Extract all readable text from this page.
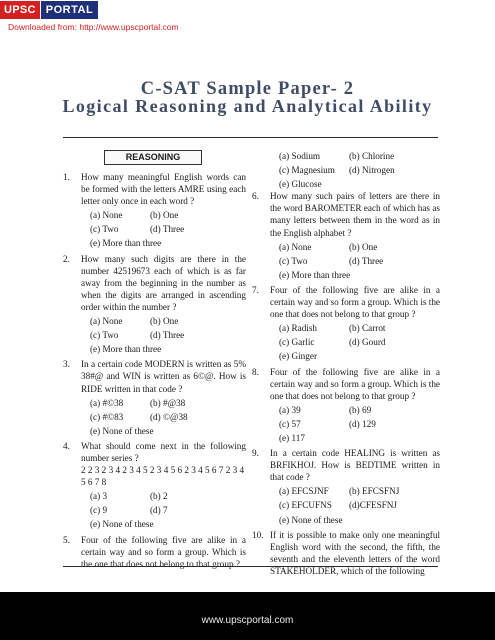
UPSC PORTAL
Downloaded from: http://www.upscportal.com
C-SAT Sample Paper- 2
Logical Reasoning and Analytical Ability
REASONING
1.	How many meaningful English words can be formed with the letters AMRE using each letter only once in each word ?
(a) None	(b) One
(c) Two	(d) Three
(e) More than three
2.	How many such digits are there in the number 42519673 each of which is as far away from the beginning in the number as when the digits are arranged in ascending order within the number ?
(a) None	(b) One
(c) Two	(d) Three
(e) More than three
3.	In a certain code MODERN is written as 5% 38#@ and WIN is written as 6©@. How is RIDE written in that code ?
(a) #©38	(b) #@38
(c) #©83	(d) ©@38
(e) None of these
4.	What should come next in the following number series ?
2 2 3 2 3 4 2 3 4 5 2 3 4 5 6 2 3 4 5 6 7 2 3 4 5 6 7 8
(a) 3	(b) 2
(c) 9	(d) 7
(e) None of these
5.	Four of the following five are alike in a certain way and so form a group. Which is the one that does not belong to that group ?
(a) Sodium	(b) Chlorine
(c) Magnesium	(d) Nitrogen
(e) Glucose
6.	How many such pairs of letters are there in the word BAROMETER each of which has as many letters between them in the word as in the English alphabet ?
(a) None	(b) One
(c) Two	(d) Three
(e) More than three
7.	Four of the following five are alike in a certain way and so form a group. Which is the one that does not belong to that group ?
(a) Radish	(b) Carrot
(c) Garlic	(d) Gourd
(e) Ginger
8.	Four of the following five are alike in a certain way and so form a group. Which is the one that does not belong to that group ?
(a) 39	(b) 69
(c) 57	(d) 129
(e) 117
9.	In a certain code HEALING is written as BRFIKHOJ. How is BEDTIME written in that code ?
(a) EFCSJNF	(b) EFCSFNJ
(c) EFCUFNS	(d)CFESFNJ
(e) None of these
10. If it is possible to make only one meaningful English word with the second, the fifth, the seventh and the eleventh letters of the word STAKEHOLDER, which of the following
www.upscportal.com
